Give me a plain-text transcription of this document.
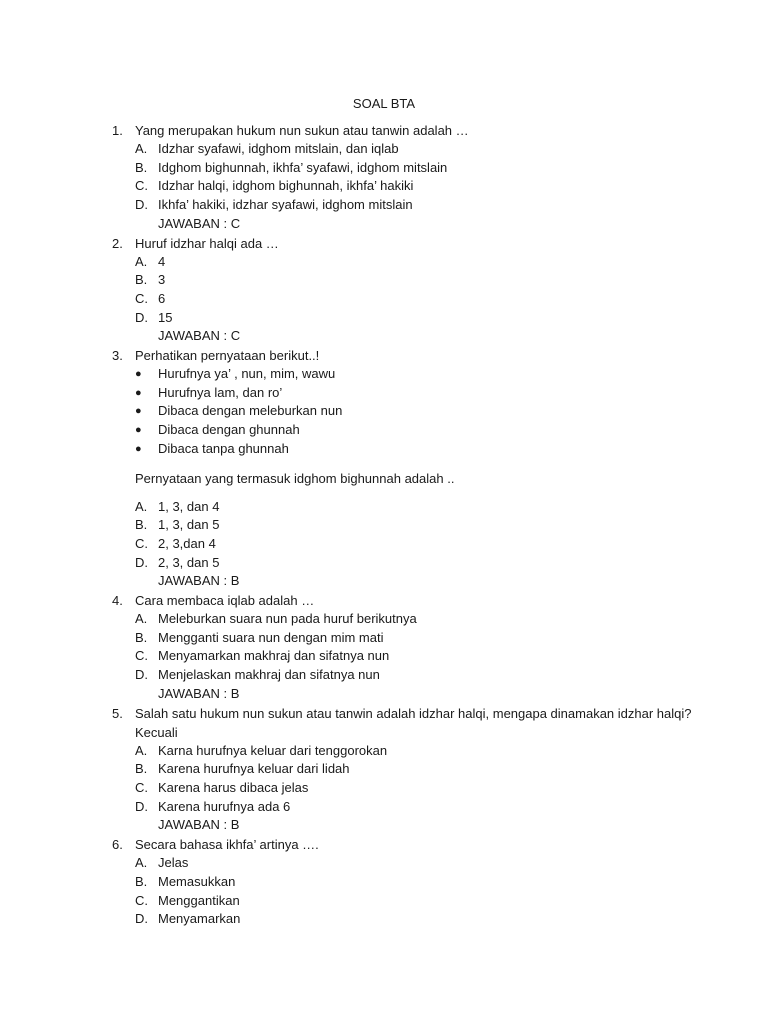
SOAL BTA
1. Yang merupakan hukum nun sukun atau tanwin adalah …
A. Idzhar syafawi, idghom mitslain, dan iqlab
B. Idghom bighunnah, ikhfa’ syafawi, idghom mitslain
C. Idzhar halqi, idghom bighunnah, ikhfa’ hakiki
D. Ikhfa’ hakiki, idzhar syafawi, idghom mitslain
JAWABAN : C
2. Huruf idzhar halqi ada …
A. 4
B. 3
C. 6
D. 15
JAWABAN : C
3. Perhatikan pernyataan berikut..!
●	Hurufnya ya’ , nun, mim, wawu
●	Hurufnya lam, dan ro’
●	Dibaca dengan meleburkan nun
●	Dibaca dengan ghunnah
●	Dibaca tanpa ghunnah
Pernyataan yang termasuk idghom bighunnah adalah ..
A. 1, 3, dan 4
B. 1, 3, dan 5
C. 2, 3,dan 4
D. 2, 3, dan 5
JAWABAN : B
4. Cara membaca iqlab adalah …
A. Meleburkan suara nun pada huruf berikutnya
B. Mengganti suara nun dengan mim mati
C. Menyamarkan makhraj dan sifatnya nun
D. Menjelaskan makhraj dan sifatnya nun
JAWABAN : B
5. Salah satu hukum nun sukun atau tanwin adalah idzhar halqi, mengapa dinamakan idzhar halqi? Kecuali
A. Karna hurufnya keluar dari tenggorokan
B. Karena hurufnya keluar dari lidah
C. Karena harus dibaca jelas
D. Karena hurufnya ada 6
JAWABAN : B
6. Secara bahasa ikhfa’ artinya ….
A. Jelas
B. Memasukkan
C. Menggantikan
D. Menyamarkan
